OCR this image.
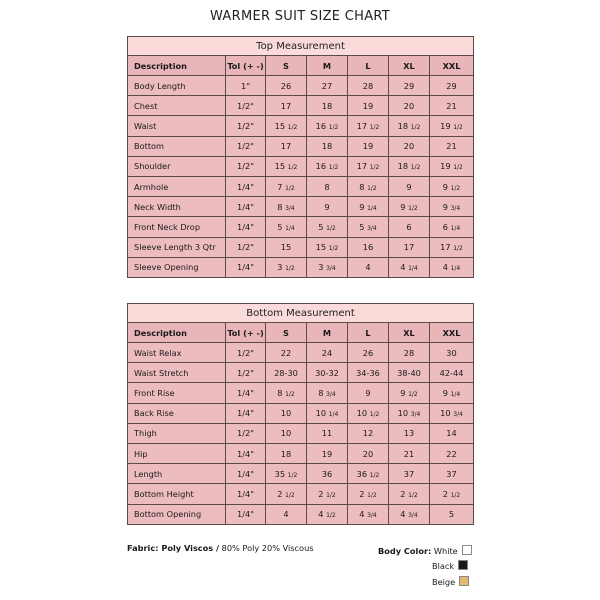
WARMER SUIT SIZE CHART
Top Measurement						
Description	Tol (+ -)	S	M	L	XL	XXL
Body Length	1"	26	27	28	29	29
Chest	1/2"	17	18	19	20	21
Waist	1/2"	15 1/2	16 1/2	17 1/2	18 1/2	19 1/2
Bottom	1/2"	17	18	19	20	21
Shoulder	1/2"	15 1/2	16 1/2	17 1/2	18 1/2	19 1/2
Armhole	1/4"	7 1/2	8	8 1/2	9	9 1/2
Neck Width	1/4"	8 3/4	9	9 1/4	9 1/2	9 3/4
Front Neck Drop	1/4"	5 1/4	5 1/2	5 3/4	6	6 1/4
Sleeve Length 3 Qtr	1/2"	15	15 1/2	16	17	17 1/2
Sleeve Opening	1/4"	3 1/2	3 3/4	4	4 1/4	4 1/4
Bottom Measurement						
Description	Tol (+ -)	S	M	L	XL	XXL
Waist Relax	1/2"	22	24	26	28	30
Waist Stretch	1/2"	28-30	30-32	34-36	38-40	42-44
Front Rise	1/4"	8 1/2	8 3/4	9	9 1/2	9 1/4
Back Rise	1/4"	10	10 1/4	10 1/2	10 3/4	10 3/4
Thigh	1/2"	10	11	12	13	14
Hip	1/4"	18	19	20	21	22
Length	1/4"	35 1/2	36	36 1/2	37	37
Bottom Height	1/4"	2 1/2	2 1/2	2 1/2	2 1/2	2 1/2
Bottom Opening	1/4"	4	4 1/2	4 3/4	4 3/4	5
Fabric: Poly Viscos / 80% Poly 20% Viscous	Body Color: White
Black
Beige
